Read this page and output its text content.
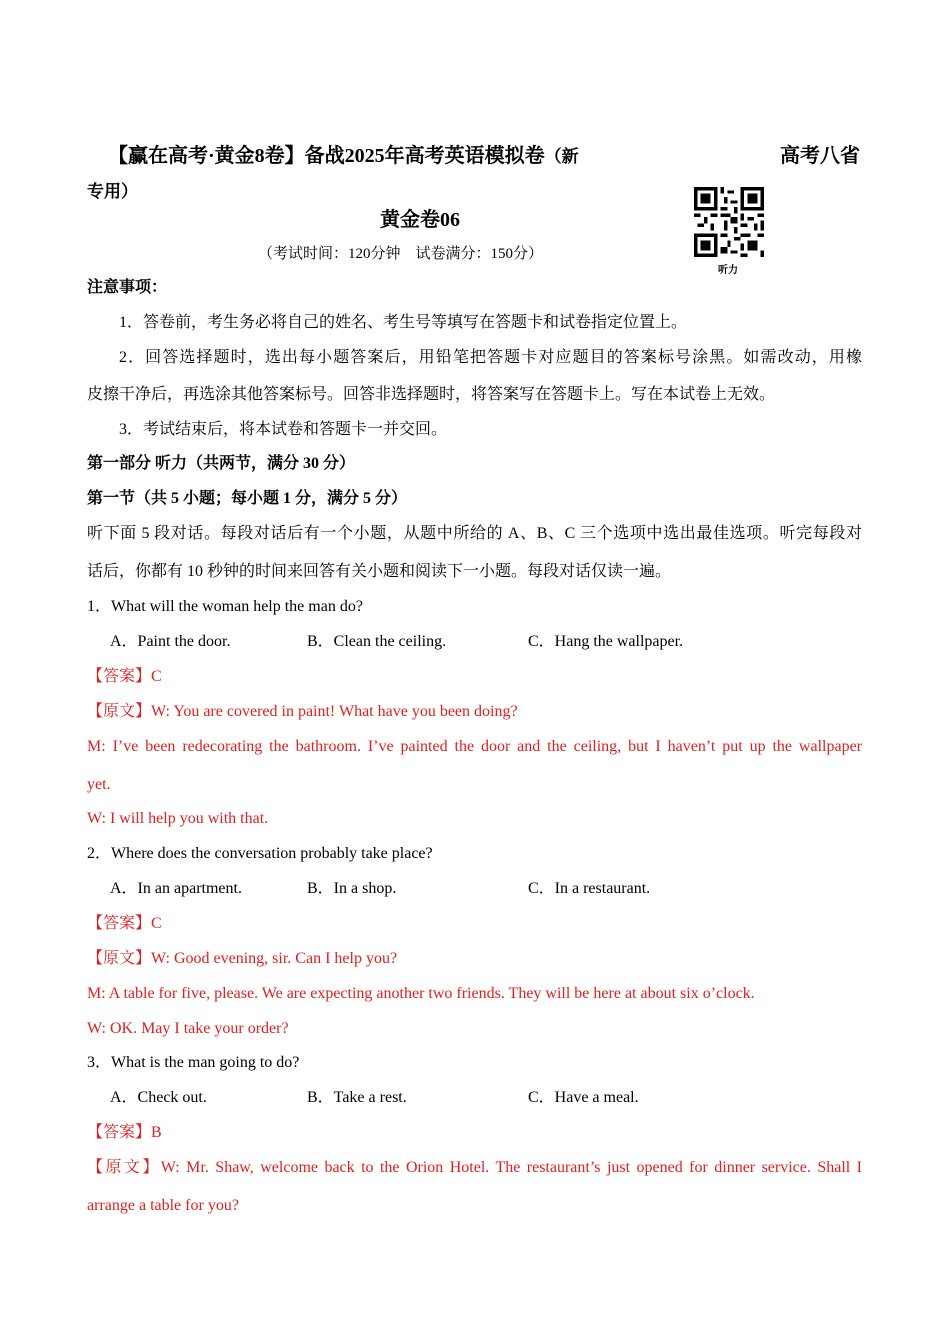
【赢在高考·黄金8卷】备战2025年高考英语模拟卷（新	高考八省
专用）
黄金卷06
（考试时间：120分钟　试卷满分：150分）
听力
注意事项：
1．答卷前，考生务必将自己的姓名、考生号等填写在答题卡和试卷指定位置上。
2．回答选择题时，选出每小题答案后，用铅笔把答题卡对应题目的答案标号涂黑。如需改动，用橡
皮擦干净后，再选涂其他答案标号。回答非选择题时，将答案写在答题卡上。写在本试卷上无效。
3．考试结束后，将本试卷和答题卡一并交回。
第一部分 听力（共两节，满分 30 分）
第一节（共 5 小题；每小题 1 分，满分 5 分）
听下面 5 段对话。每段对话后有一个小题，从题中所给的 A、B、C 三个选项中选出最佳选项。听完每段对
话后，你都有 10 秒钟的时间来回答有关小题和阅读下一小题。每段对话仅读一遍。
1．What will the woman help the man do?
A．Paint the door.	B．Clean the ceiling.	C．Hang the wallpaper.
【答案】C
【原文】W: You are covered in paint! What have you been doing?
M: I’ve been redecorating the bathroom. I’ve painted the door and the ceiling, but I haven’t put up the wallpaper
yet.
W: I will help you with that.
2．Where does the conversation probably take place?
A．In an apartment.	B．In a shop.	C．In a restaurant.
【答案】C
【原文】W: Good evening, sir. Can I help you?
M: A table for five, please. We are expecting another two friends. They will be here at about six o’clock.
W: OK. May I take your order?
3．What is the man going to do?
A．Check out.	B．Take a rest.	C．Have a meal.
【答案】B
【原文】W: Mr. Shaw, welcome back to the Orion Hotel. The restaurant’s just opened for dinner service. Shall I
arrange a table for you?
